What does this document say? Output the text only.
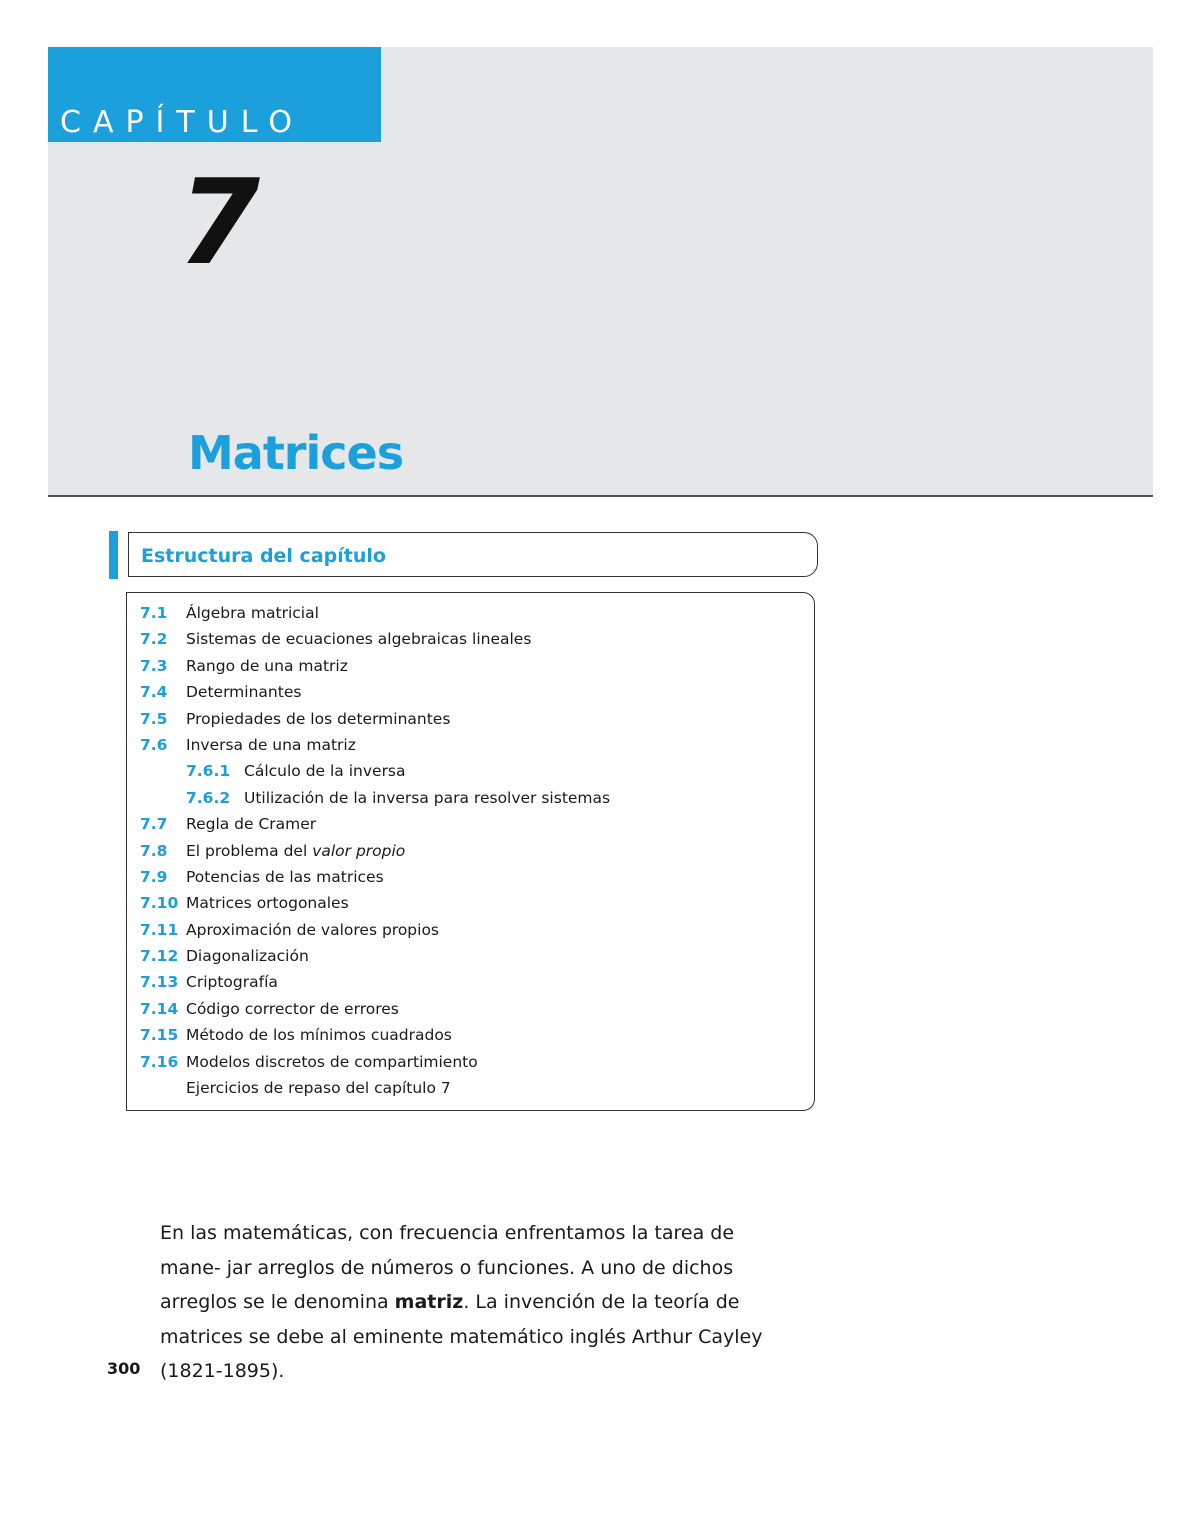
CAPÍTULO
7
Matrices
Estructura del capítulo
7.1 Álgebra matricial
7.2 Sistemas de ecuaciones algebraicas lineales
7.3 Rango de una matriz
7.4 Determinantes
7.5 Propiedades de los determinantes
7.6 Inversa de una matriz
7.6.1 Cálculo de la inversa
7.6.2 Utilización de la inversa para resolver sistemas
7.7 Regla de Cramer
7.8 El problema del valor propio
7.9 Potencias de las matrices
7.10 Matrices ortogonales
7.11 Aproximación de valores propios
7.12 Diagonalización
7.13 Criptografía
7.14 Código corrector de errores
7.15 Método de los mínimos cuadrados
7.16 Modelos discretos de compartimiento
Ejercicios de repaso del capítulo 7

En las matemáticas, con frecuencia enfrentamos la tarea de mane- jar arreglos de números o funciones. A uno de dichos arreglos se le denomina matriz. La invención de la teoría de matrices se debe al eminente matemático inglés Arthur Cayley (1821-1895).

300
